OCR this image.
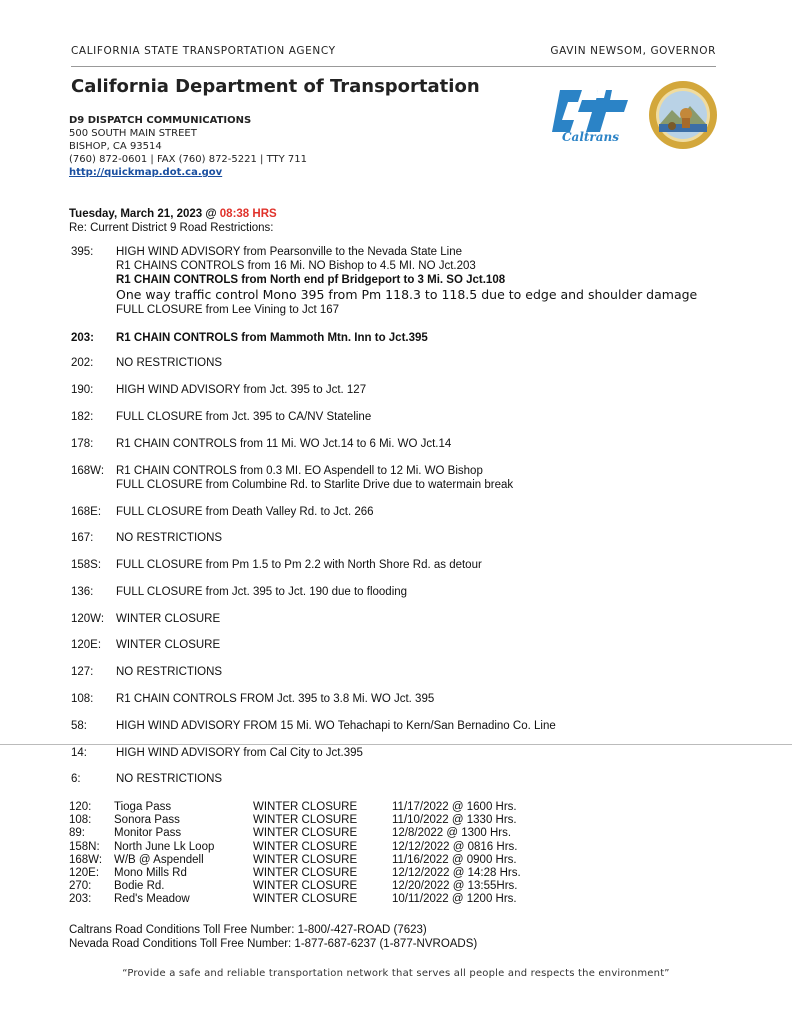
CALIFORNIA STATE TRANSPORTATION AGENCY	GAVIN NEWSOM, GOVERNOR
California Department of Transportation
D9 DISPATCH COMMUNICATIONS
500 SOUTH MAIN STREET
BISHOP, CA 93514
(760) 872-0601 | FAX (760) 872-5221 | TTY 711
http://quickmap.dot.ca.gov
Caltrans
Tuesday, March 21, 2023 @ 08:38 HRS
Re: Current District 9 Road Restrictions:
395:	HIGH WIND ADVISORY from Pearsonville to the Nevada State Line
R1 CHAINS CONTROLS from 16 Mi. NO Bishop to 4.5 MI. NO Jct.203
R1 CHAIN CONTROLS from North end pf Bridgeport to 3 Mi. SO Jct.108
One way traffic control Mono 395 from Pm 118.3 to 118.5 due to edge and shoulder damage
FULL CLOSURE from Lee Vining to Jct 167
203:	R1 CHAIN CONTROLS from Mammoth Mtn. Inn to Jct.395
202:	NO RESTRICTIONS
190:	HIGH WIND ADVISORY from Jct. 395 to Jct. 127
182:	FULL CLOSURE from Jct. 395 to CA/NV Stateline
178:	R1 CHAIN CONTROLS from 11 Mi. WO Jct.14 to 6 Mi. WO Jct.14
168W:	R1 CHAIN CONTROLS from 0.3 MI. EO Aspendell to 12 Mi. WO Bishop
FULL CLOSURE from Columbine Rd. to Starlite Drive due to watermain break
168E:	FULL CLOSURE from Death Valley Rd. to Jct. 266
167:	NO RESTRICTIONS
158S:	FULL CLOSURE from Pm 1.5 to Pm 2.2 with North Shore Rd. as detour
136:	FULL CLOSURE from Jct. 395 to Jct. 190 due to flooding
120W:	WINTER CLOSURE
120E:	WINTER CLOSURE
127:	NO RESTRICTIONS
108:	R1 CHAIN CONTROLS FROM Jct. 395 to 3.8 Mi. WO Jct. 395
58:	HIGH WIND ADVISORY FROM 15 Mi. WO Tehachapi to Kern/San Bernadino Co. Line
14:	HIGH WIND ADVISORY from Cal City to Jct.395
6:	NO RESTRICTIONS
120:	Tioga Pass	WINTER CLOSURE	11/17/2022 @ 1600 Hrs.
108:	Sonora Pass	WINTER CLOSURE	11/10/2022 @ 1330 Hrs.
89:	Monitor Pass	WINTER CLOSURE	12/8/2022 @ 1300 Hrs.
158N:	North June Lk Loop	WINTER CLOSURE	12/12/2022 @ 0816 Hrs.
168W:	W/B @ Aspendell	WINTER CLOSURE	11/16/2022 @ 0900 Hrs.
120E:	Mono Mills Rd	WINTER CLOSURE	12/12/2022 @ 14:28 Hrs.
270:	Bodie Rd.	WINTER CLOSURE	12/20/2022 @ 13:55Hrs.
203:	Red's Meadow	WINTER CLOSURE	10/11/2022 @ 1200 Hrs.
Caltrans Road Conditions Toll Free Number: 1-800/-427-ROAD (7623)
Nevada Road Conditions Toll Free Number: 1-877-687-6237 (1-877-NVROADS)
“Provide a safe and reliable transportation network that serves all people and respects the environment”
